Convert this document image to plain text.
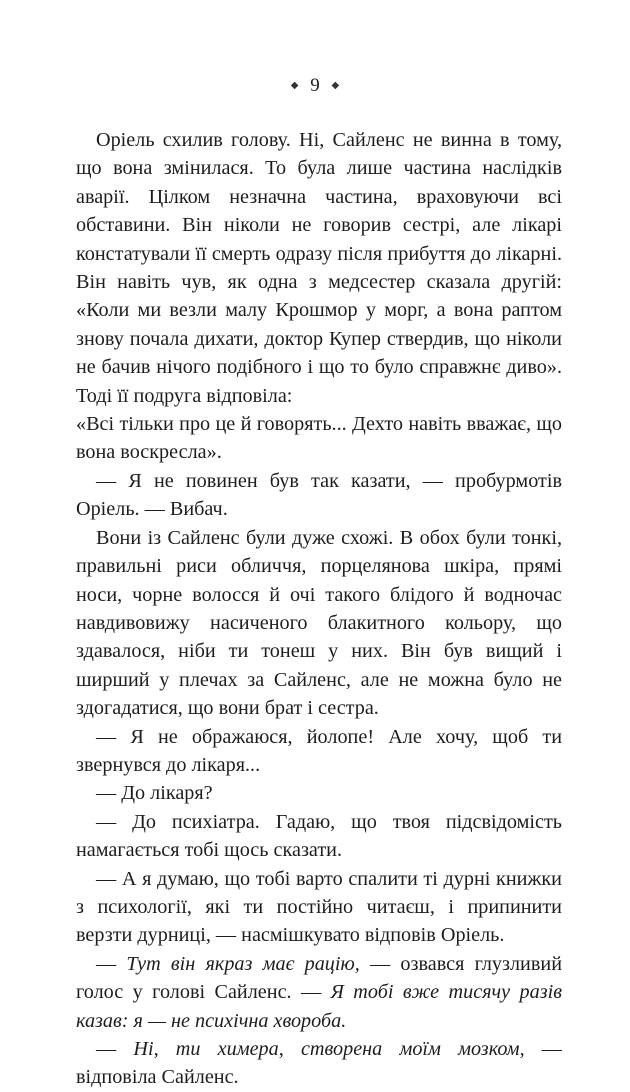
◆ 9 ◆

Оріель схилив голову. Ні, Сайленс не винна в тому, що вона змінилася. То була лише частина наслідків аварії. Цілком незначна частина, враховуючи всі обставини. Він ніколи не говорив сестрі, але лікарі констатували її смерть одразу після прибуття до лікарні. Він навіть чув, як одна з медсестер сказала другій: «Коли ми везли малу Крошмор у морг, а вона раптом знову почала дихати, доктор Купер ствердив, що ніколи не бачив нічого подібного і що то було справжнє диво». Тоді її подруга відповіла:

«Всі тільки про це й говорять... Дехто навіть вважає, що вона воскресла».

— Я не повинен був так казати, — пробурмотів Оріель. — Вибач.

Вони із Сайленс були дуже схожі. В обох були тонкі, правильні риси обличчя, порцелянова шкіра, прямі носи, чорне волосся й очі такого блідого й водночас навдивовижу насиченого блакитного кольору, що здавалося, ніби ти тонеш у них. Він був вищий і ширший у плечах за Сайленс, але не можна було не здогадатися, що вони брат і сестра.

— Я не ображаюся, йолопе! Але хочу, щоб ти звернувся до лікаря...

— До лікаря?

— До психіатра. Гадаю, що твоя підсвідомість намагається тобі щось сказати.

— А я думаю, що тобі варто спалити ті дурні книжки з психології, які ти постійно читаєш, і припинити верзти дурниці, — насмішкувато відповів Оріель.

— Тут він якраз має рацію, — озвався глузливий голос у голові Сайленс. — Я тобі вже тисячу разів казав: я — не психічна хвороба.

— Ні, ти химера, створена моїм мозком, — відповіла Сайленс.
